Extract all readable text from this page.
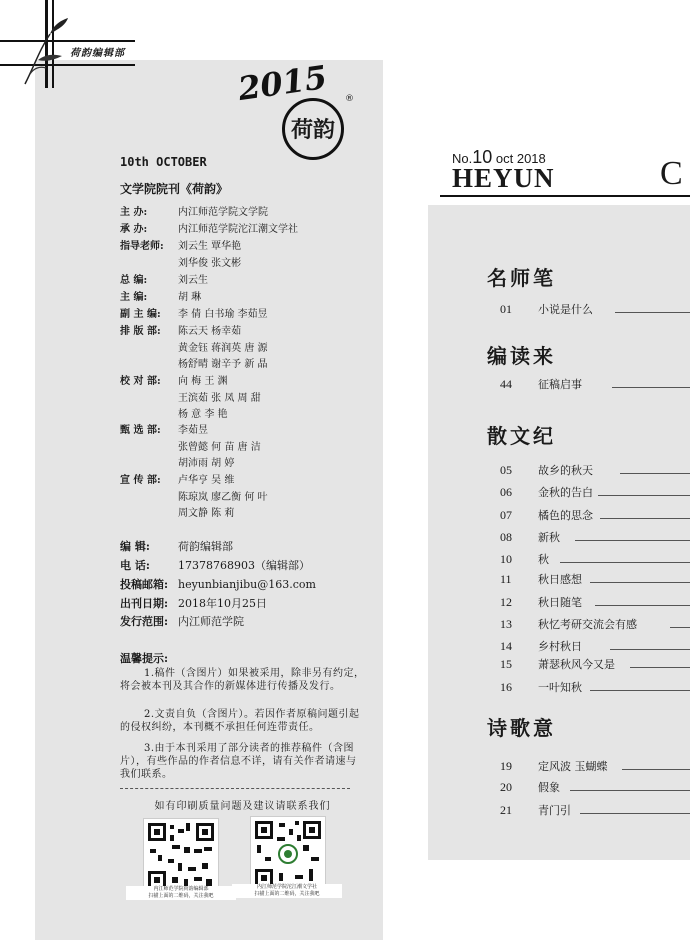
荷韵编辑部
2015
荷韵
®
10th OCTOBER
文学院院刊《荷韵》
主 办:	内江师范学院文学院
承 办:	内江师范学院沱江潮文学社
指导老师: 刘云生 覃华艳
刘华俊 张文彬
总 编:	刘云生
主 编:	胡 琳
副 主 编: 李 倩 白书瑜 李茹昱
排 版 部: 陈云天 杨幸茹
黄金钰 蒋润英 唐 源
杨舒晴 谢辛予 新 晶
校 对 部: 向 梅 王 渊
王滨茹 张 凤 周 甜
杨 意 李 艳
甄 选 部: 李茹昱
张曾懿 何 苗 唐 洁
胡沛雨 胡 婷
宣 传 部: 卢华亨 吴 维
陈琼岚 廖乙衡 何 叶
周文静 陈 莉
编 辑:	荷韵编辑部
电 话:	17378768903（编辑部）
投稿邮箱: heyunbianjibu@163.com
出刊日期: 2018年10月25日
发行范围: 内江师范学院
温馨提示:
1.稿件（含图片）如果被采用，除非另有约定，将会被本刊及其合作的新媒体进行传播及发行。
2.文责自负（含图片）。若因作者原稿问题引起的侵权纠纷，本刊概不承担任何连带责任。
3.由于本刊采用了部分读者的推荐稿件（含图片），有些作品的作者信息不详，请有关作者请速与我们联系。
如有印刷质量问题及建议请联系我们
内江师范学院荷韵编辑部
扫描上面的二维码，关注我吧
内江师范学院沱江潮文学社
扫描上面的二维码，关注我吧
No.10 oct 2018
HEYUN	C
名师笔
01 小说是什么
编读来
44 征稿启事
散文纪
05 故乡的秋天
06 金秋的告白
07 橘色的思念
08 新秋
10 秋
11 秋日感想
12 秋日随笔
13 秋忆考研交流会有感
14 乡村秋日
15 萧瑟秋风今又是
16 一叶知秋
诗歌意
19 定风波 玉蝴蝶
20 假象
21 青门引
